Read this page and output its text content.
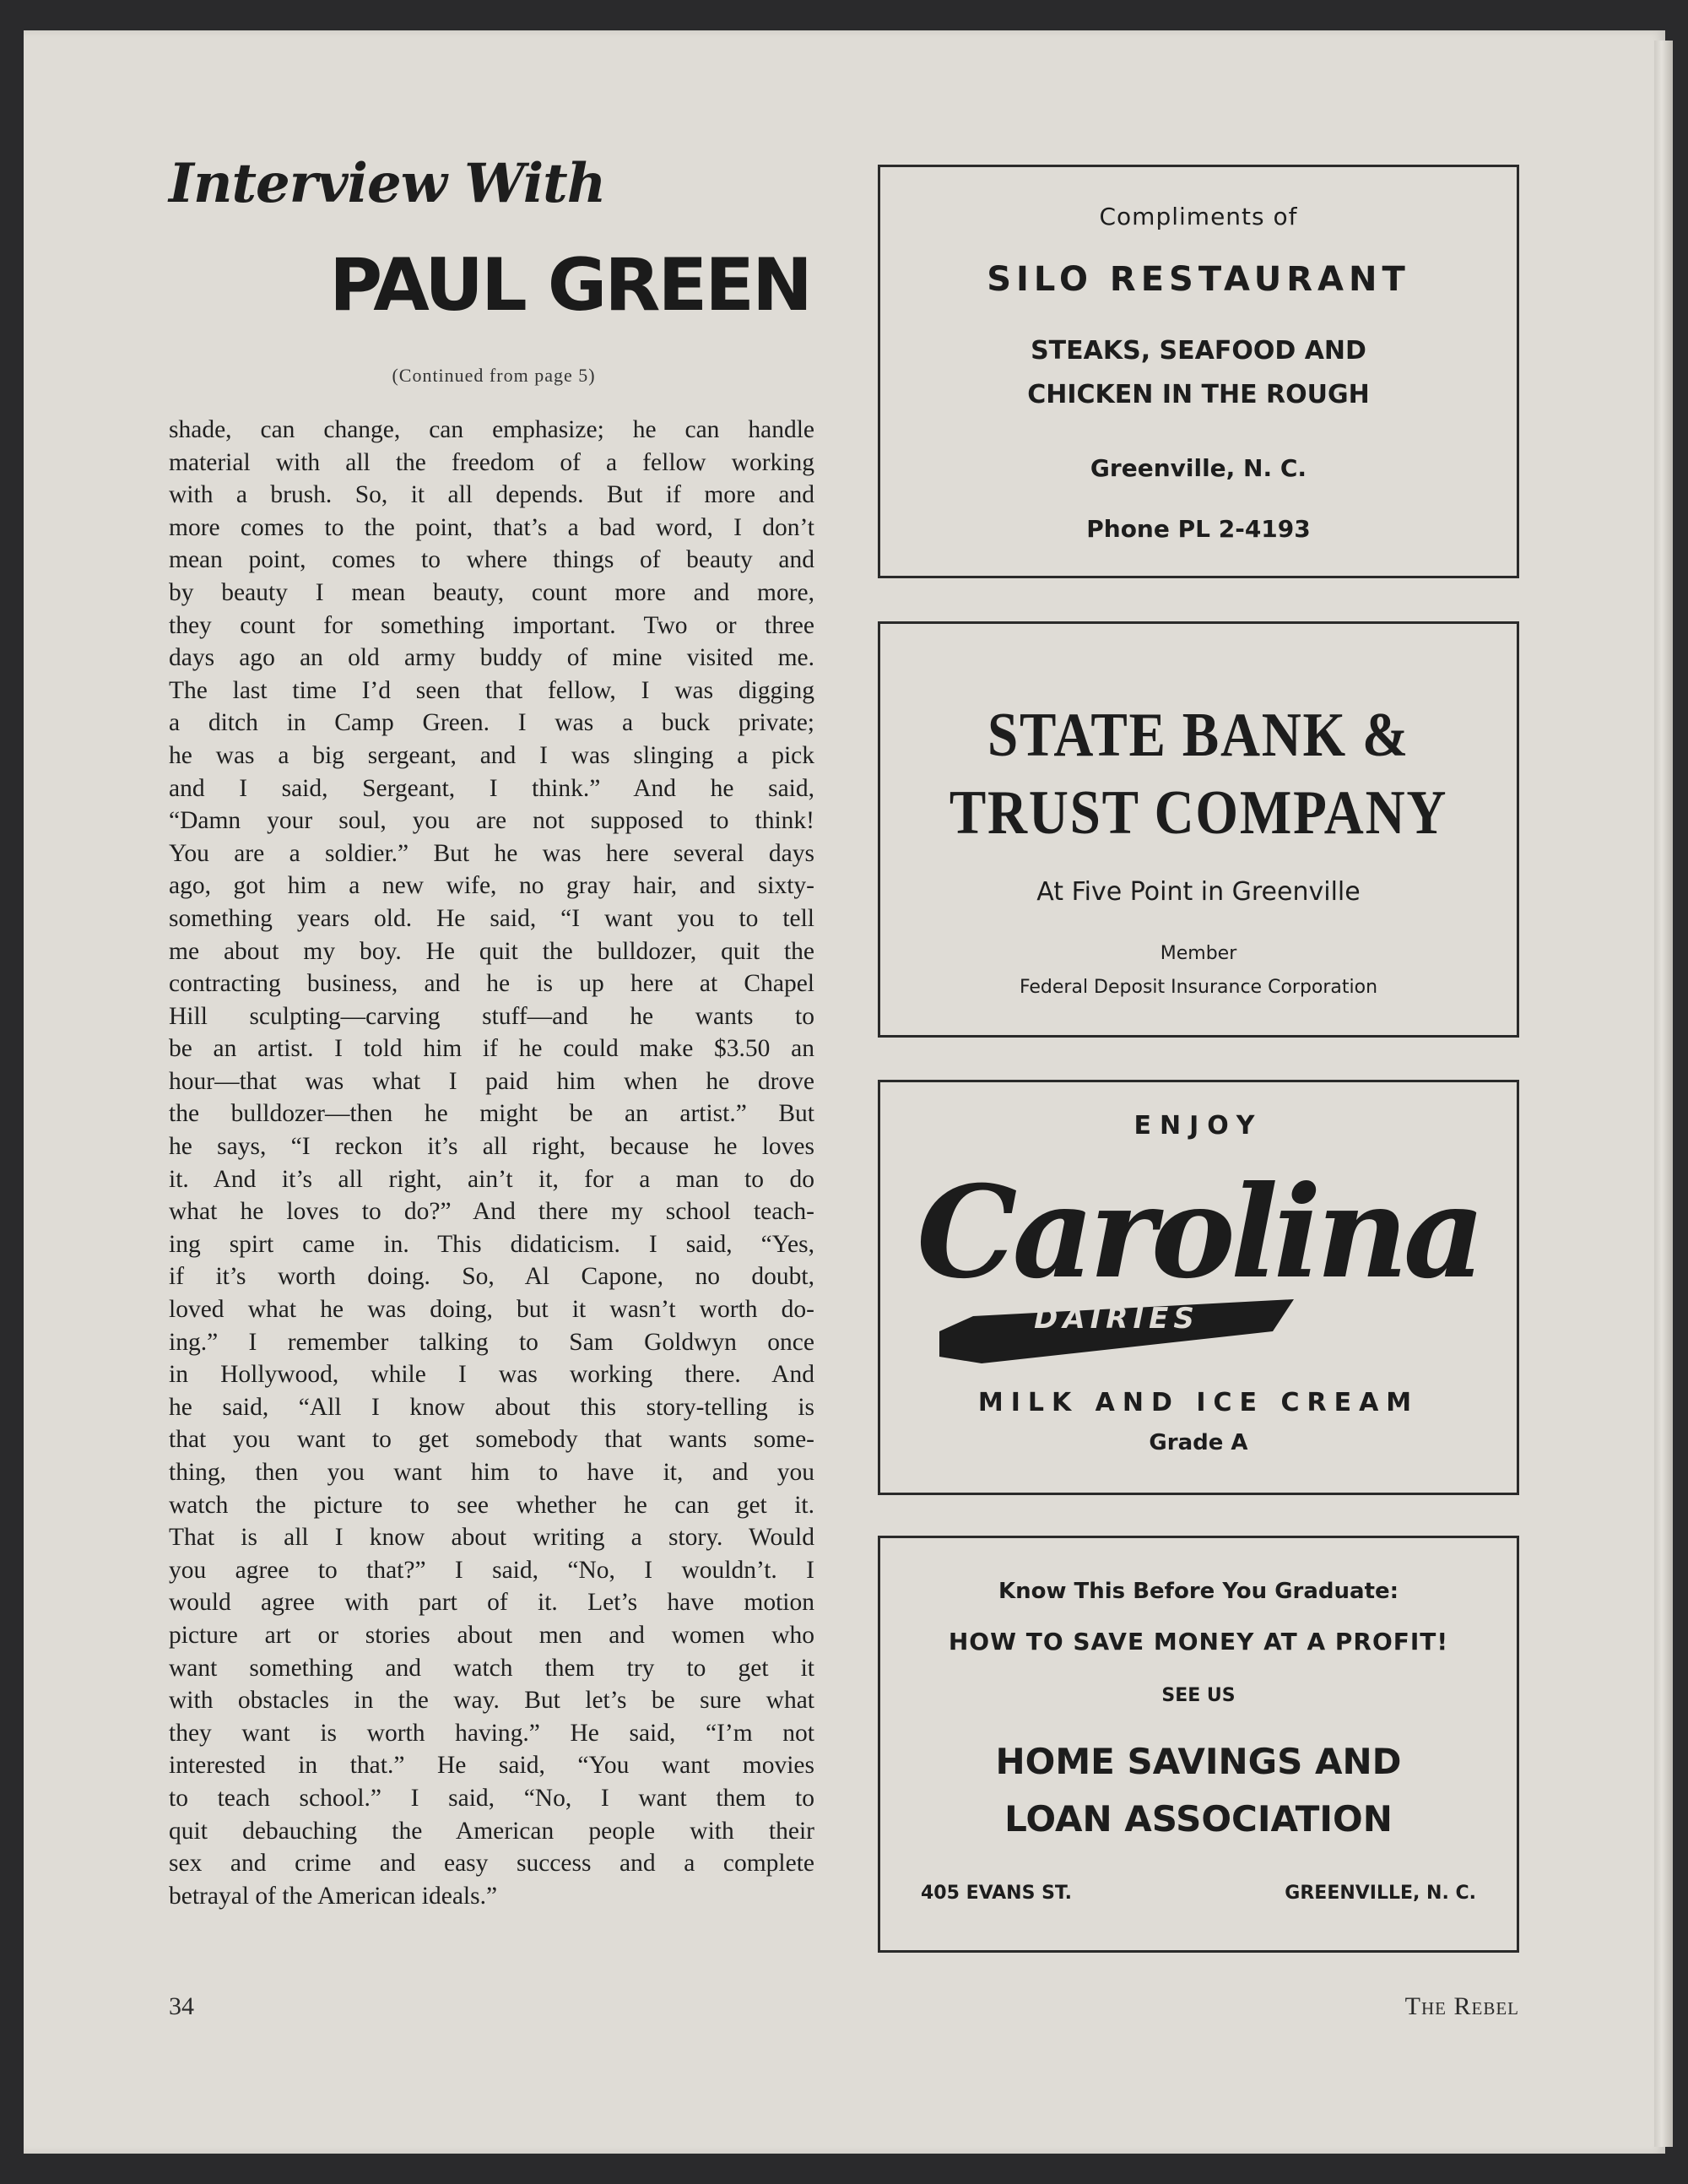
Interview With
PAUL GREEN
(Continued from page 5)
shade, can change, can emphasize; he can handle
material with all the freedom of a fellow working
with a brush. So, it all depends. But if more and
more comes to the point, that’s a bad word, I don’t
mean point, comes to where things of beauty and
by beauty I mean beauty, count more and more,
they count for something important. Two or three
days ago an old army buddy of mine visited me.
The last time I’d seen that fellow, I was digging
a ditch in Camp Green. I was a buck private;
he was a big sergeant, and I was slinging a pick
and I said, Sergeant, I think.” And he said,
“Damn your soul, you are not supposed to think!
You are a soldier.” But he was here several days
ago, got him a new wife, no gray hair, and sixty-
something years old. He said, “I want you to tell
me about my boy. He quit the bulldozer, quit the
contracting business, and he is up here at Chapel
Hill sculpting—carving stuff—and he wants to
be an artist. I told him if he could make $3.50 an
hour—that was what I paid him when he drove
the bulldozer—then he might be an artist.” But
he says, “I reckon it’s all right, because he loves
it. And it’s all right, ain’t it, for a man to do
what he loves to do?” And there my school teach-
ing spirt came in. This didaticism. I said, “Yes,
if it’s worth doing. So, Al Capone, no doubt,
loved what he was doing, but it wasn’t worth do-
ing.” I remember talking to Sam Goldwyn once
in Hollywood, while I was working there. And
he said, “All I know about this story-telling is
that you want to get somebody that wants some-
thing, then you want him to have it, and you
watch the picture to see whether he can get it.
That is all I know about writing a story. Would
you agree to that?” I said, “No, I wouldn’t. I
would agree with part of it. Let’s have motion
picture art or stories about men and women who
want something and watch them try to get it
with obstacles in the way. But let’s be sure what
they want is worth having.” He said, “I’m not
interested in that.” He said, “You want movies
to teach school.” I said, “No, I want them to
quit debauching the American people with their
sex and crime and easy success and a complete
betrayal of the American ideals.”
34	The Rebel
Compliments of
SILO RESTAURANT
STEAKS, SEAFOOD AND
CHICKEN IN THE ROUGH
Greenville, N. C.
Phone PL 2-4193
STATE BANK &
TRUST COMPANY
At Five Point in Greenville
Member
Federal Deposit Insurance Corporation
ENJOY
Carolina
DAIRIES
MILK AND ICE CREAM
Grade A
Know This Before You Graduate:
HOW TO SAVE MONEY AT A PROFIT!
SEE US
HOME SAVINGS AND
LOAN ASSOCIATION
405 EVANS ST.	GREENVILLE, N. C.
